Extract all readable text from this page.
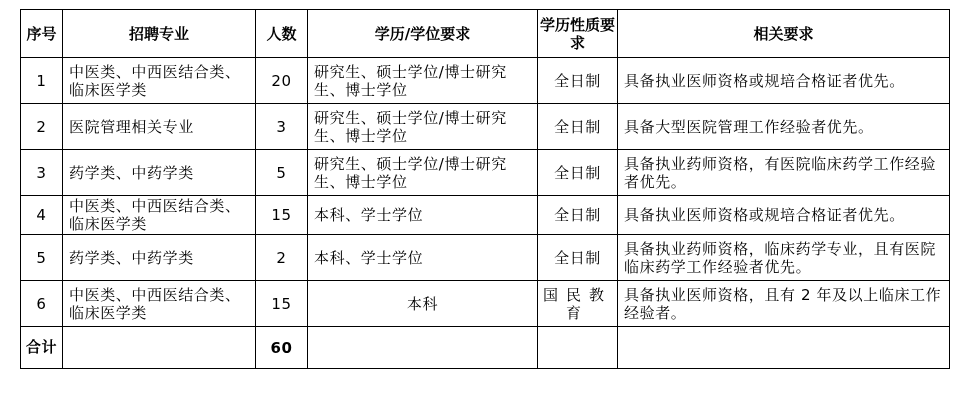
序号	招聘专业	人数	学历/学位要求	学历性质要求	相关要求
1	中医类、中西医结合类、临床医学类	20	研究生、硕士学位/博士研究生、博士学位	全日制	具备执业医师资格或规培合格证者优先。
2	医院管理相关专业	3	研究生、硕士学位/博士研究生、博士学位	全日制	具备大型医院管理工作经验者优先。
3	药学类、中药学类	5	研究生、硕士学位/博士研究生、博士学位	全日制	具备执业药师资格，有医院临床药学工作经验者优先。
4	中医类、中西医结合类、临床医学类	15	本科、学士学位	全日制	具备执业医师资格或规培合格证者优先。
5	药学类、中药学类	2	本科、学士学位	全日制	具备执业药师资格，临床药学专业，且有医院临床药学工作经验者优先。
6	中医类、中西医结合类、临床医学类	15	本科	国民教育	具备执业医师资格，且有 2 年及以上临床工作经验者。
合计		60			
